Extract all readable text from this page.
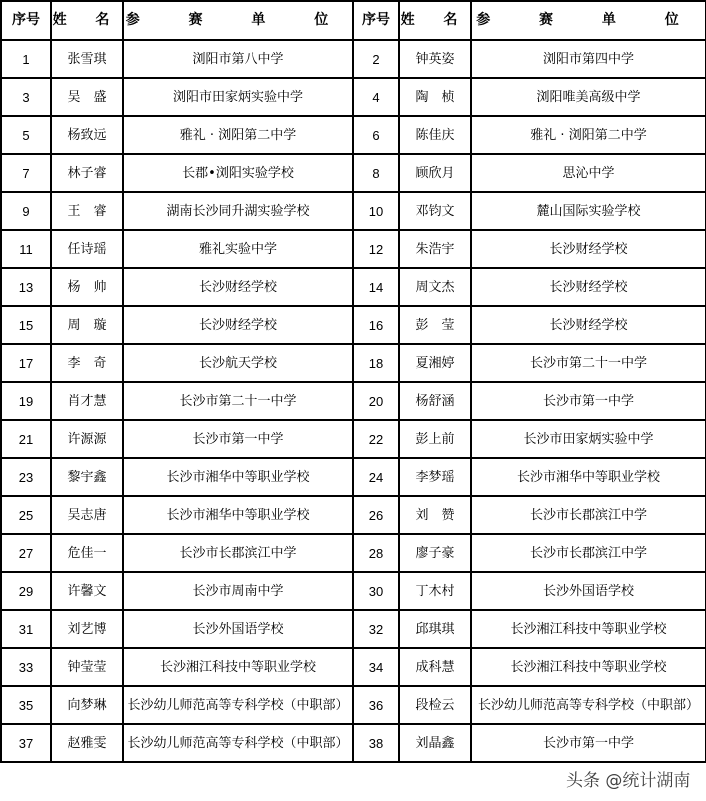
序号	姓 名	参 赛 单 位	序号	姓 名	参 赛 单 位
1	张雪琪	浏阳市第八中学	2	钟英姿	浏阳市第四中学
3	吴　盛	浏阳市田家炳实验中学	4	陶　桢	浏阳唯美高级中学
5	杨致远	雅礼 · 浏阳第二中学	6	陈佳庆	雅礼 · 浏阳第二中学
7	林子睿	长郡•浏阳实验学校	8	顾欣月	思沁中学
9	王　睿	湖南长沙同升湖实验学校	10	邓钧文	麓山国际实验学校
11	任诗瑶	雅礼实验中学	12	朱浩宇	长沙财经学校
13	杨　帅	长沙财经学校	14	周文杰	长沙财经学校
15	周　璇	长沙财经学校	16	彭　莹	长沙财经学校
17	李　奇	长沙航天学校	18	夏湘婷	长沙市第二十一中学
19	肖才慧	长沙市第二十一中学	20	杨舒涵	长沙市第一中学
21	许源源	长沙市第一中学	22	彭上前	长沙市田家炳实验中学
23	黎宇鑫	长沙市湘华中等职业学校	24	李梦瑶	长沙市湘华中等职业学校
25	吴志唐	长沙市湘华中等职业学校	26	刘　赞	长沙市长郡滨江中学
27	危佳一	长沙市长郡滨江中学	28	廖子豪	长沙市长郡滨江中学
29	许馨文	长沙市周南中学	30	丁木村	长沙外国语学校
31	刘艺博	长沙外国语学校	32	邱琪琪	长沙湘江科技中等职业学校
33	钟莹莹	长沙湘江科技中等职业学校	34	成科慧	长沙湘江科技中等职业学校
35	向梦琳	长沙幼儿师范高等专科学校（中职部）	36	段检云	长沙幼儿师范高等专科学校（中职部）
37	赵雅雯	长沙幼儿师范高等专科学校（中职部）	38	刘晶鑫	长沙市第一中学
头条 @统计湖南
